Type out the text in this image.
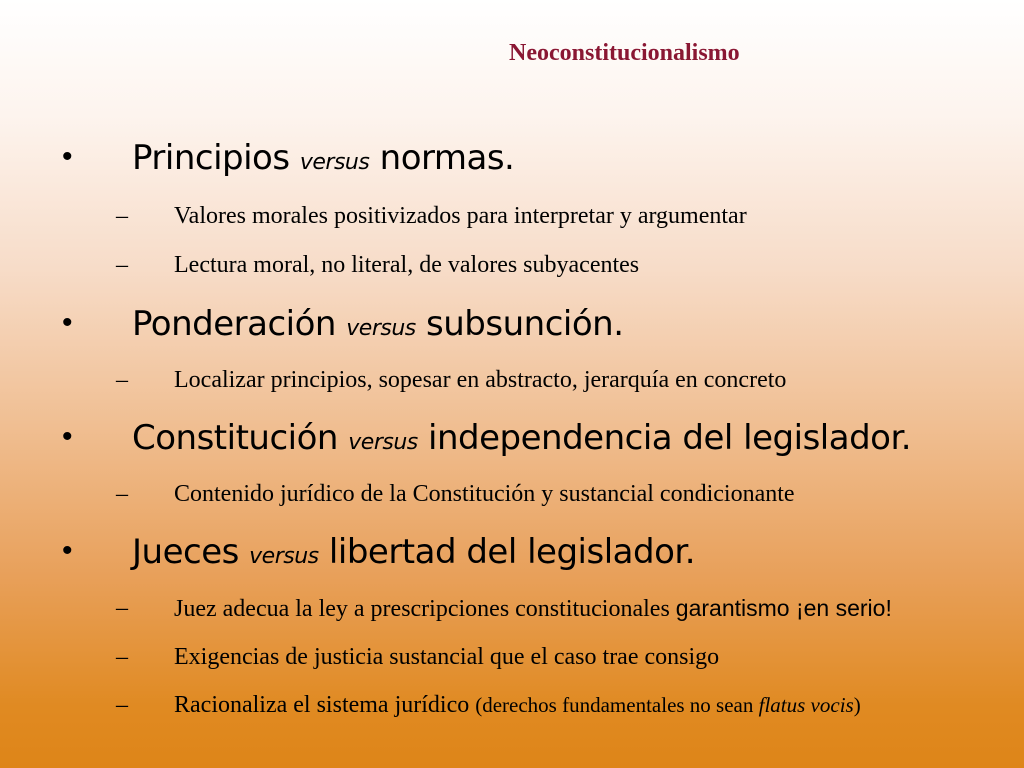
Neoconstitucionalismo
• Principios versus normas.
– Valores morales positivizados para interpretar y argumentar
– Lectura moral, no literal, de valores subyacentes
• Ponderación versus subsunción.
– Localizar principios, sopesar en abstracto, jerarquía en concreto
• Constitución versus independencia del legislador.
– Contenido jurídico de la Constitución y sustancial condicionante
• Jueces versus libertad del legislador.
– Juez adecua la ley a prescripciones constitucionales garantismo ¡en serio!
– Exigencias de justicia sustancial que el caso trae consigo
– Racionaliza el sistema jurídico (derechos fundamentales no sean flatus vocis)
